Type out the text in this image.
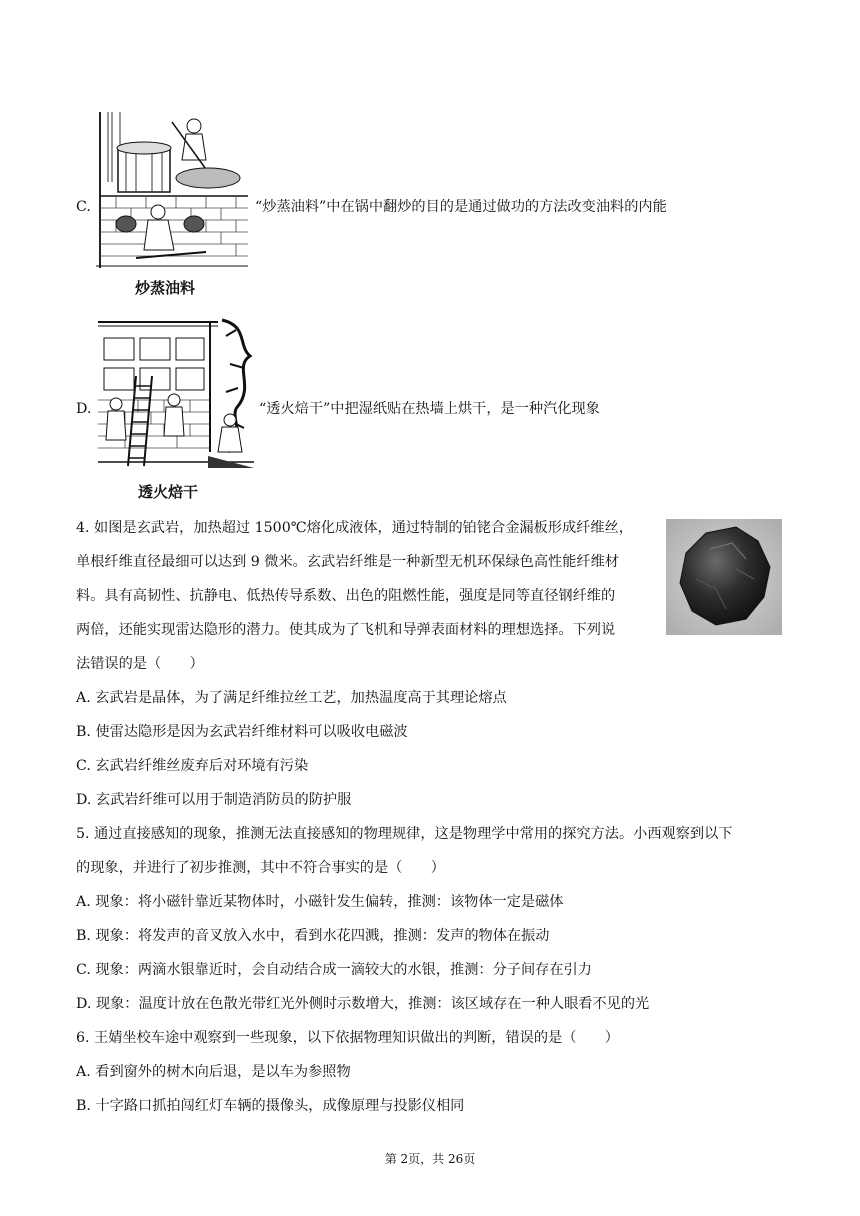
C.
炒蒸油料
“炒蒸油料”中在锅中翻炒的目的是通过做功的方法改变油料的内能
D.
透火焙干
“透火焙干”中把湿纸贴在热墙上烘干，是一种汽化现象
4. 如图是玄武岩，加热超过 1500℃熔化成液体，通过特制的铂铑合金漏板形成纤维丝，
单根纤维直径最细可以达到 9 微米。玄武岩纤维是一种新型无机环保绿色高性能纤维材
料。具有高韧性、抗静电、低热传导系数、出色的阻燃性能，强度是同等直径钢纤维的
两倍，还能实现雷达隐形的潜力。使其成为了飞机和导弹表面材料的理想选择。下列说
法错误的是（　　）
A. 玄武岩是晶体，为了满足纤维拉丝工艺，加热温度高于其理论熔点
B. 使雷达隐形是因为玄武岩纤维材料可以吸收电磁波
C. 玄武岩纤维丝废弃后对环境有污染
D. 玄武岩纤维可以用于制造消防员的防护服
5. 通过直接感知的现象，推测无法直接感知的物理规律，这是物理学中常用的探究方法。小西观察到以下
的现象，并进行了初步推测，其中不符合事实的是（　　）
A. 现象：将小磁针靠近某物体时，小磁针发生偏转，推测：该物体一定是磁体
B. 现象：将发声的音叉放入水中，看到水花四溅，推测：发声的物体在振动
C. 现象：两滴水银靠近时，会自动结合成一滴较大的水银，推测：分子间存在引力
D. 现象：温度计放在色散光带红光外侧时示数增大，推测：该区域存在一种人眼看不见的光
6. 王婧坐校车途中观察到一些现象，以下依据物理知识做出的判断，错误的是（　　）
A. 看到窗外的树木向后退，是以车为参照物
B. 十字路口抓拍闯红灯车辆的摄像头，成像原理与投影仪相同
第 2页，共 26页
